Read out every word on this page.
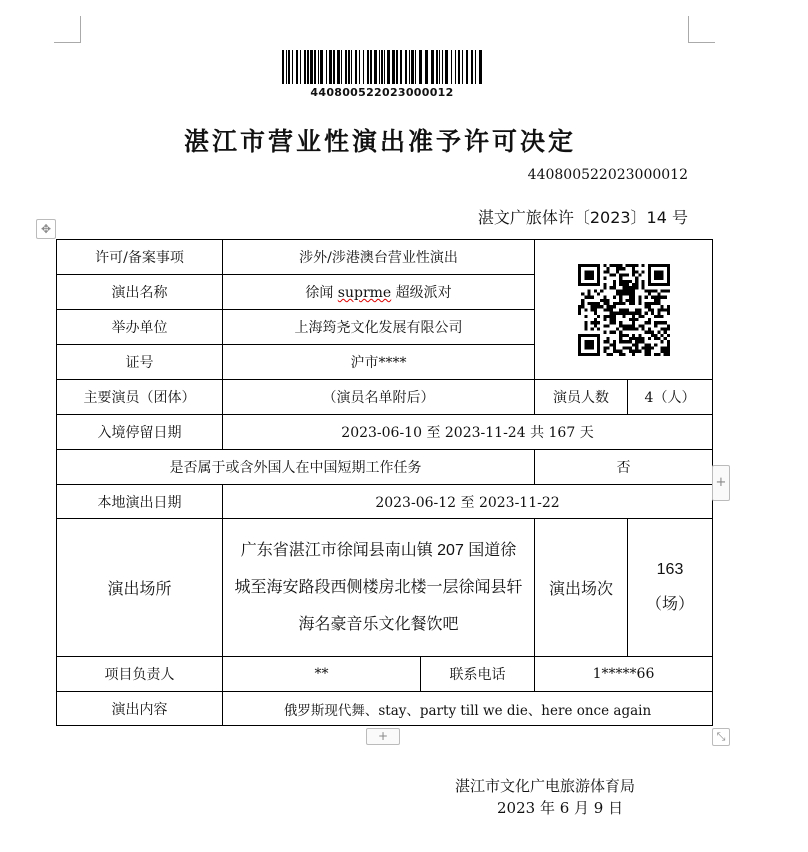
440800522023000012
湛江市营业性演出准予许可决定
440800522023000012
湛文广旅体许〔2023〕14 号
✥
许可/备案事项	涉外/涉港澳台营业性演出	

演出名称	徐闻 suprme 超级派对			
举办单位	上海筠尧文化发展有限公司			
证号	沪市****			
主要演员（团体）	（演员名单附后）		演员人数	4（人）
入境停留日期	2023-06-10 至 2023-11-24 共 167 天			
是否属于或含外国人在中国短期工作任务			否	
本地演出日期	2023-06-12 至 2023-11-22			
演出场所	广东省湛江市徐闻县南山镇 207 国道徐城至海安路段西侧楼房北楼一层徐闻县轩海名豪音乐文化餐饮吧		演出场次	163
（场）

项目负责人	**	联系电话	1*****66	
演出内容	俄罗斯现代舞、stay、party till we die、here once again			
+
+	⤡
湛江市文化广电旅游体育局
2023 年 6 月 9 日
